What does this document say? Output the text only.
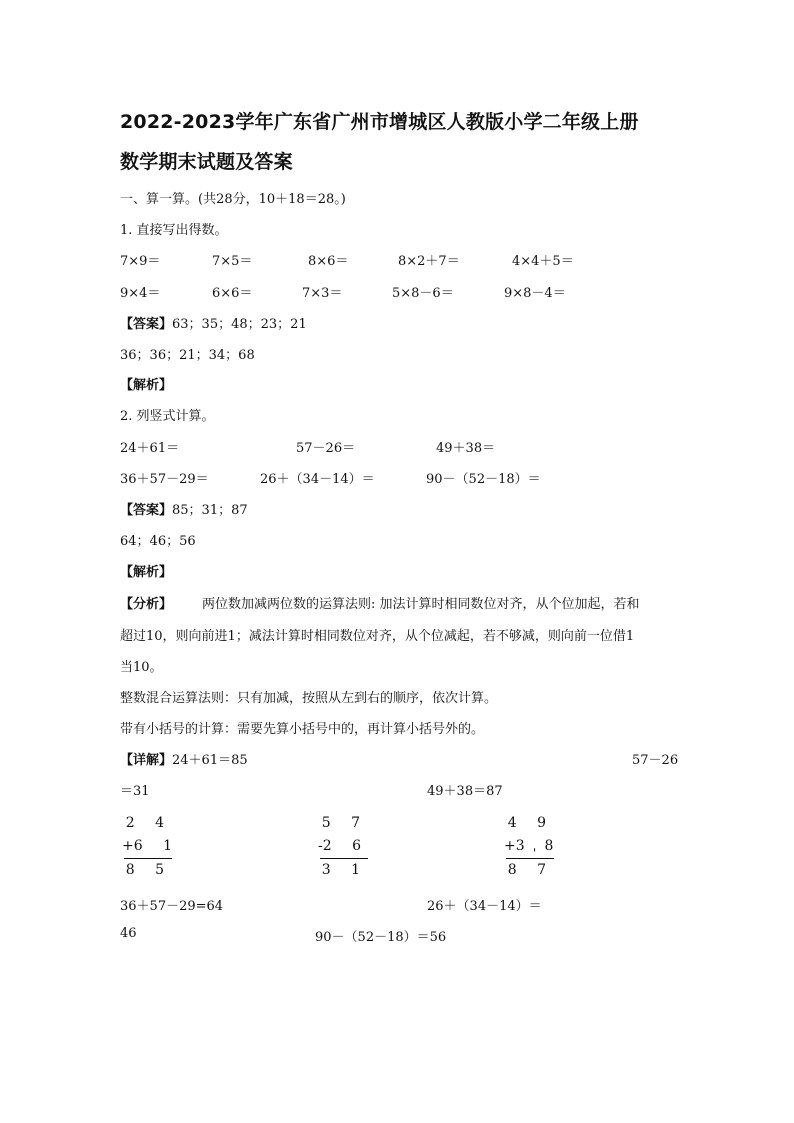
2022-2023学年广东省广州市增城区人教版小学二年级上册
数学期末试题及答案
一、算一算。(共28分，10＋18＝28。)
1. 直接写出得数。
7×9＝	7×5＝	8×6＝	8×2＋7＝	4×4＋5＝
9×4＝	6×6＝	7×3＝	5×8－6＝	9×8－4＝
【答案】63；35；48；23；21
36；36；21；34；68
【解析】
2. 列竖式计算。
24＋61＝	57－26＝	49＋38＝
36＋57－29＝	26＋（34－14）＝	90－（52－18）＝
【答案】85；31；87
64；46；56
【解析】
【分析】 两位数加减两位数的运算法则: 加法计算时相同数位对齐，从个位加起，若和
超过10，则向前进1；减法计算时相同数位对齐，从个位减起，若不够减，则向前一位借1
当10。
整数混合运算法则：只有加减，按照从左到右的顺序，依次计算。
带有小括号的计算：需要先算小括号中的，再计算小括号外的。
【详解】24＋61＝85	57－26
＝31	49＋38＝87
2 4
+ 6 1
8 5
5 7
- 2 6
3 1
4 9
+ 3ˌ8
8 7
36＋57－29=64	26＋（34－14）＝
46	90－（52－18）＝56
